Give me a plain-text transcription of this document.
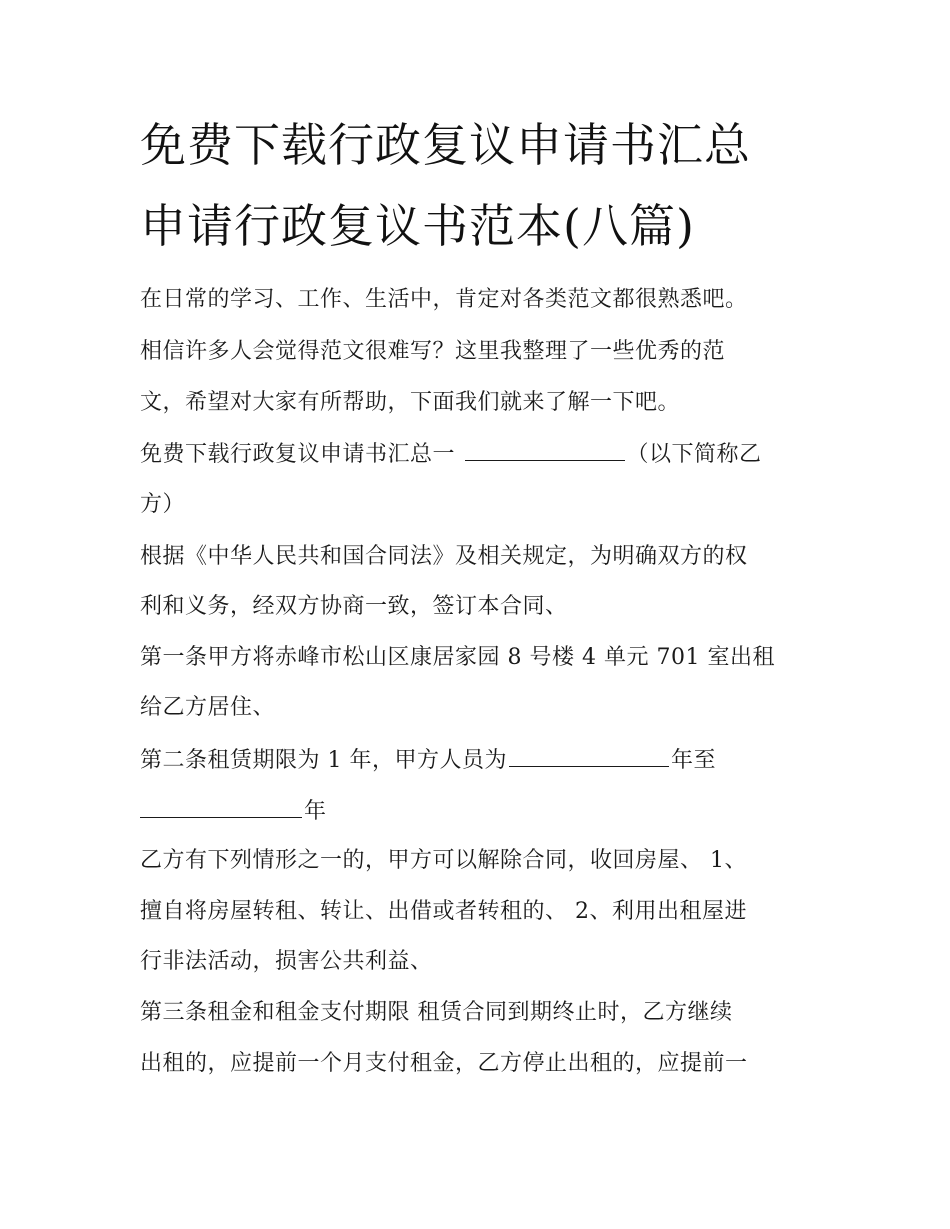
免费下载行政复议申请书汇总
申请行政复议书范本(八篇)

在日常的学习、工作、生活中，肯定对各类范文都很熟悉吧。

相信许多人会觉得范文很难写？这里我整理了一些优秀的范

文，希望对大家有所帮助，下面我们就来了解一下吧。

免费下载行政复议申请书汇总一	（以下简称乙

方）

根据《中华人民共和国合同法》及相关规定，为明确双方的权

利和义务，经双方协商一致，签订本合同、

第一条甲方将赤峰市松山区康居家园 8 号楼 4 单元 701 室出租

给乙方居住、

第二条租赁期限为 1 年，甲方人员为	年至

年

乙方有下列情形之一的，甲方可以解除合同，收回房屋、 1、

擅自将房屋转租、转让、出借或者转租的、 2、利用出租屋进

行非法活动，损害公共利益、

第三条租金和租金支付期限 租赁合同到期终止时，乙方继续

出租的，应提前一个月支付租金，乙方停止出租的，应提前一
